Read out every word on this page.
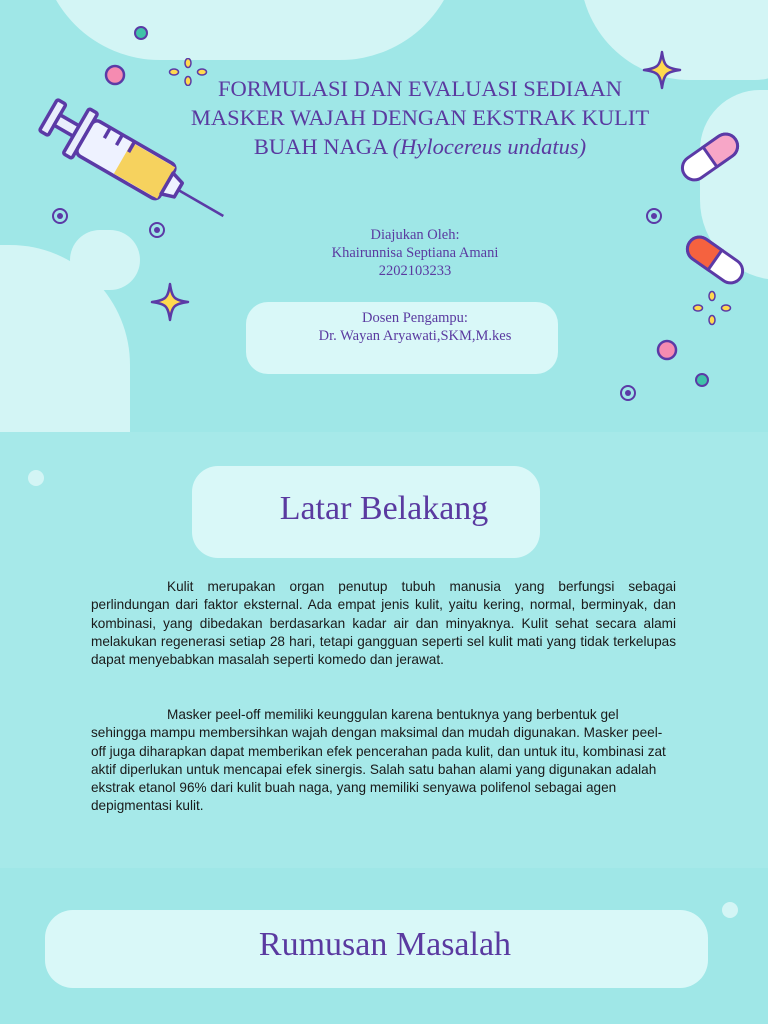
FORMULASI DAN EVALUASI SEDIAAN
MASKER WAJAH DENGAN EKSTRAK KULIT
BUAH NAGA (Hylocereus undatus)
Diajukan Oleh:
Khairunnisa Septiana Amani
2202103233
Dosen Pengampu:
Dr. Wayan Aryawati,SKM,M.kes
Latar Belakang

Kulit merupakan organ penutup tubuh manusia yang berfungsi sebagai perlindungan dari faktor eksternal. Ada empat jenis kulit, yaitu kering, normal, berminyak, dan kombinasi, yang dibedakan berdasarkan kadar air dan minyaknya. Kulit sehat secara alami melakukan regenerasi setiap 28 hari, tetapi gangguan seperti sel kulit mati yang tidak terkelupas dapat menyebabkan masalah seperti komedo dan jerawat.

Masker peel-off memiliki keunggulan karena bentuknya yang berbentuk gel sehingga mampu membersihkan wajah dengan maksimal dan mudah digunakan. Masker peel-off juga diharapkan dapat memberikan efek pencerahan pada kulit, dan untuk itu, kombinasi zat aktif diperlukan untuk mencapai efek sinergis. Salah satu bahan alami yang digunakan adalah ekstrak etanol 96% dari kulit buah naga, yang memiliki senyawa polifenol sebagai agen depigmentasi kulit.

Rumusan Masalah
